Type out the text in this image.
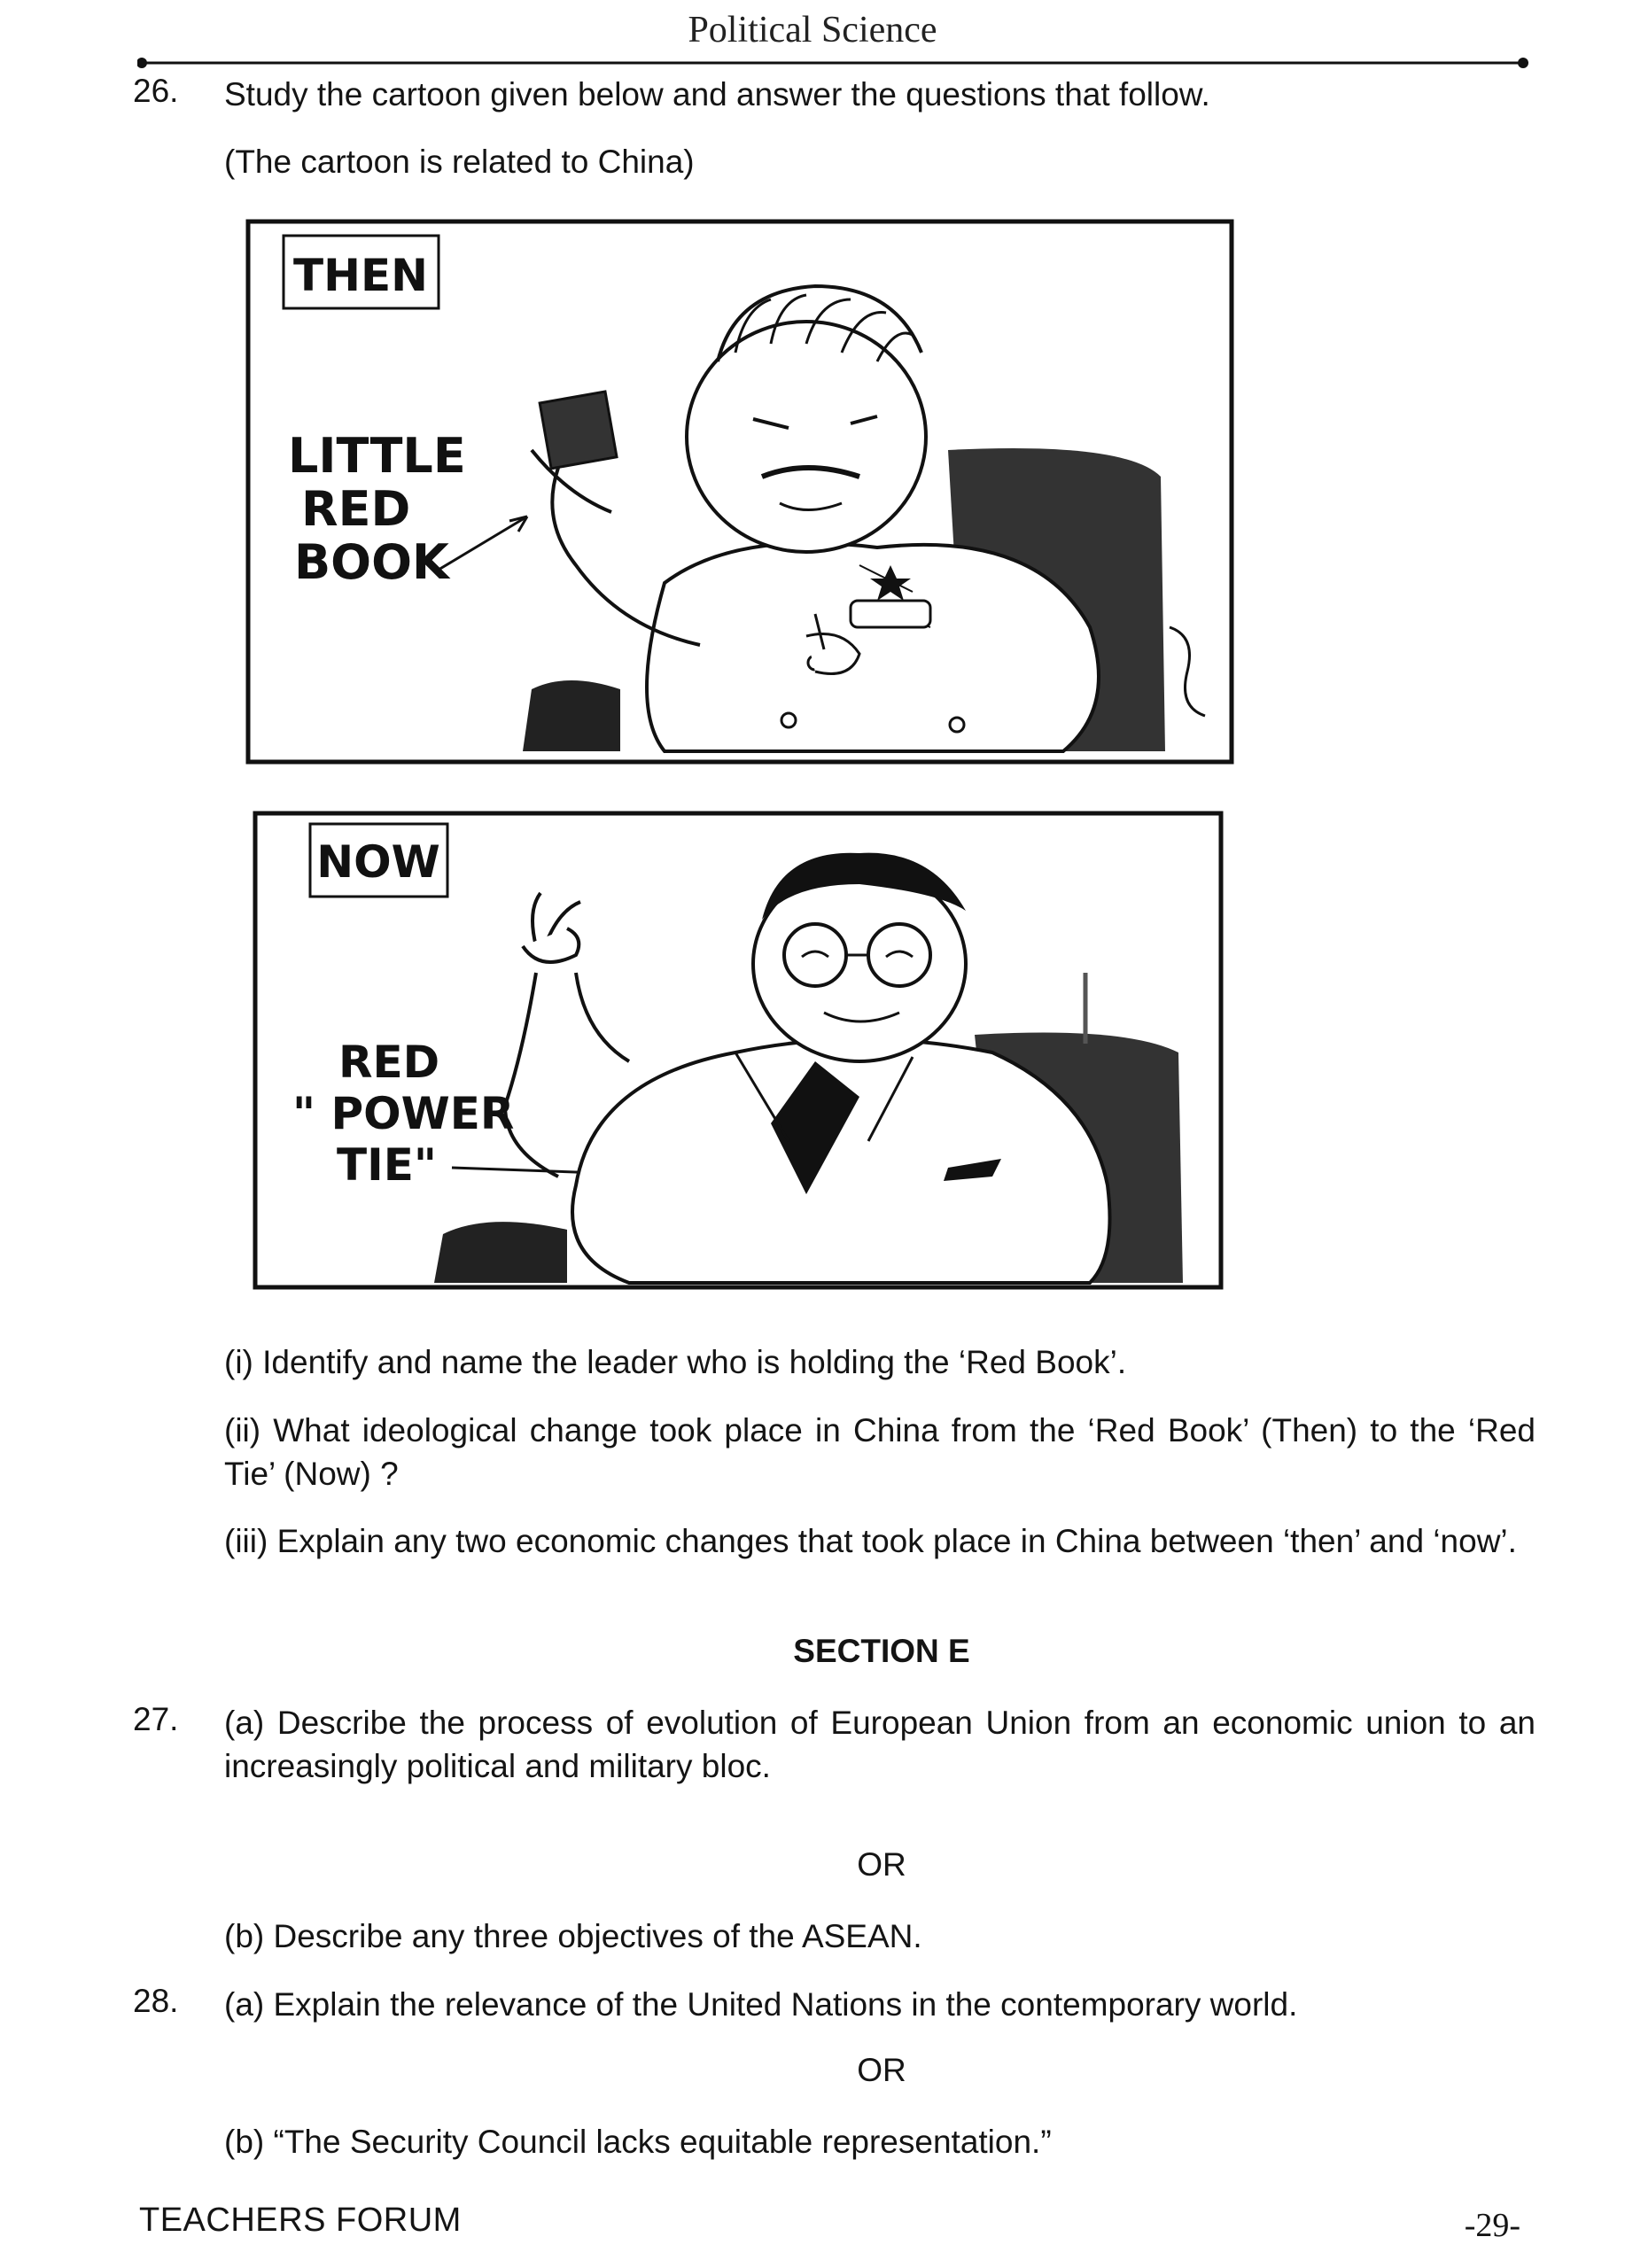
Political Science
26. Study the cartoon given below and answer the questions that follow.
(The cartoon is related to China)
THEN
LITTLE RED BOOK
NOW
RED " POWER TIE"
(i) Identify and name the leader who is holding the ‘Red Book’.
(ii) What ideological change took place in China from the ‘Red Book’ (Then) to the ‘Red Tie’ (Now) ?
(iii) Explain any two economic changes that took place in China between ‘then’ and ‘now’.
SECTION E
27. (a) Describe the process of evolution of European Union from an economic union to an increasingly political and military bloc.
OR
(b) Describe any three objectives of the ASEAN.
28. (a) Explain the relevance of the United Nations in the contemporary world.
OR
(b) “The Security Council lacks equitable representation.”
TEACHERS FORUM	-29-
